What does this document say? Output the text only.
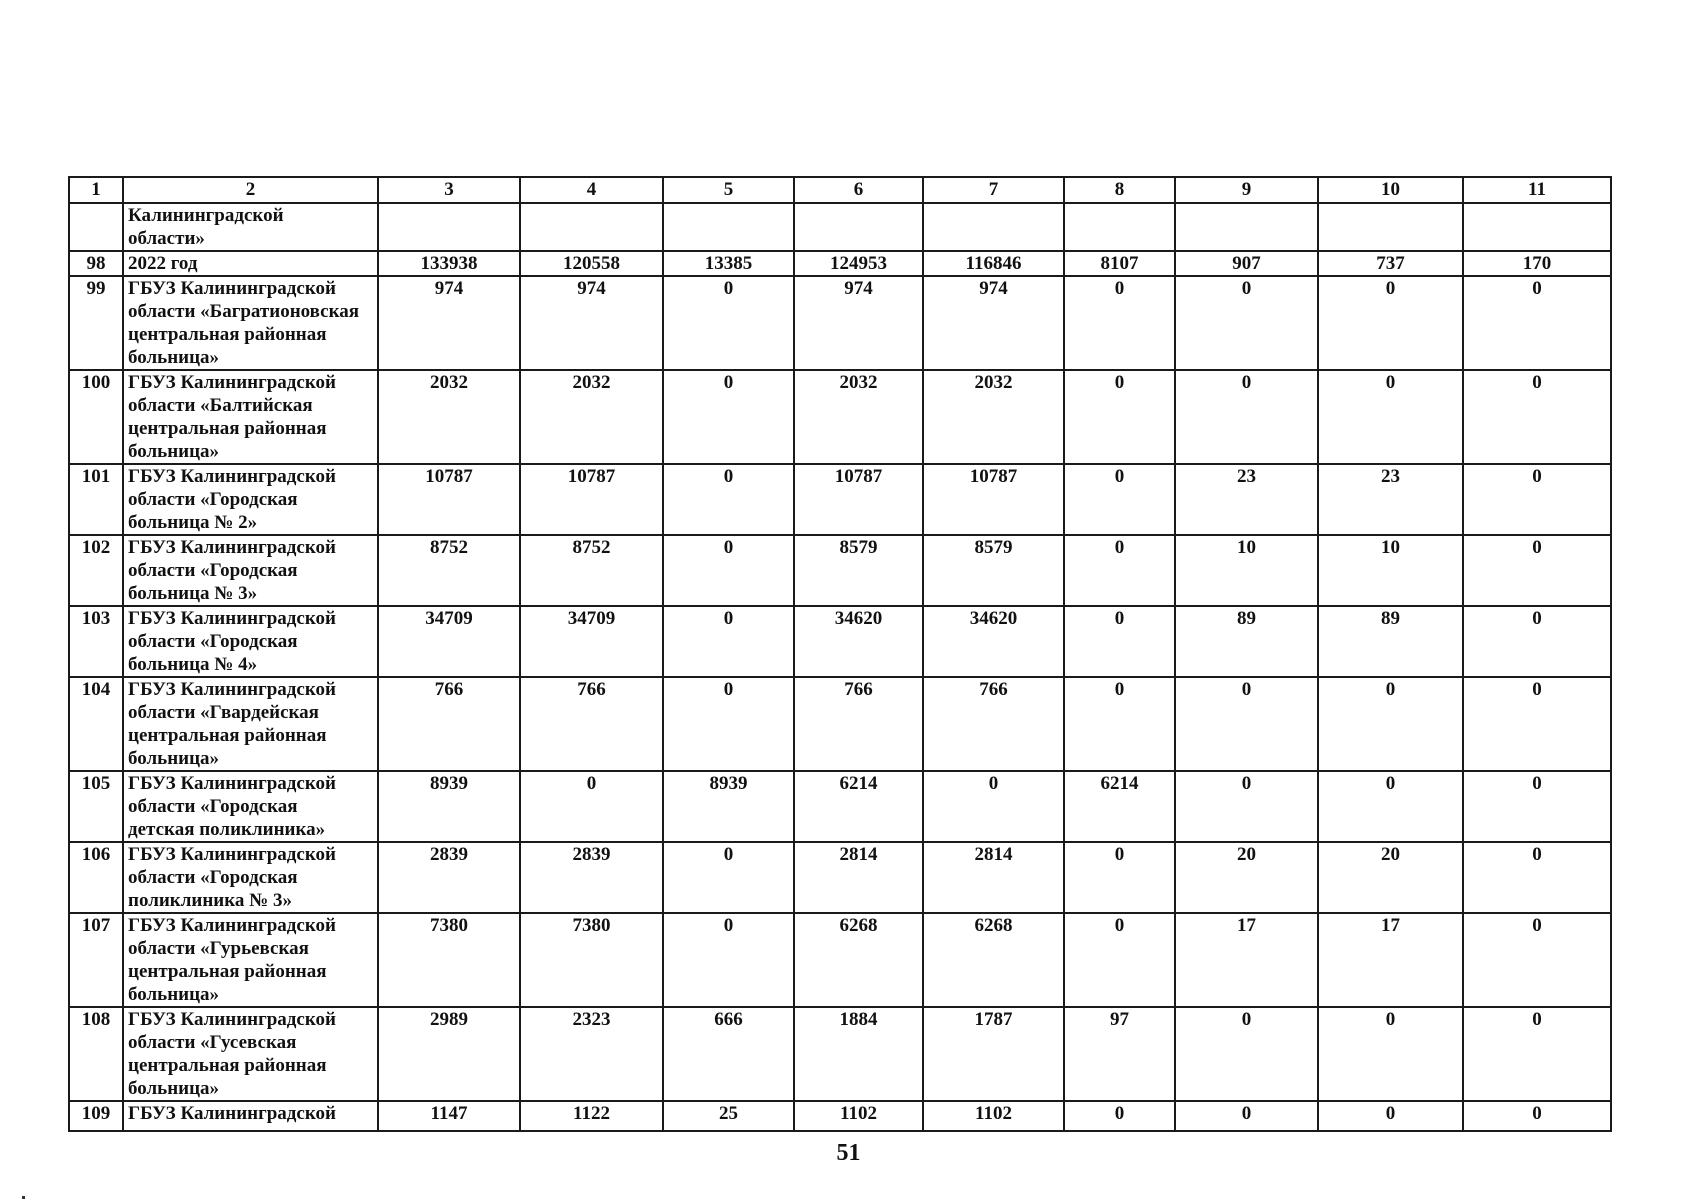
1	2	3	4	5	6	7	8	9	10	11
	Калининградской
области»									
98	2022 год	133938	120558	13385	124953	116846	8107	907	737	170
99	ГБУЗ Калининградской
области «Багратионовская
центральная районная
больница»	974	974	0	974	974	0	0	0	0
100	ГБУЗ Калининградской
области «Балтийская
центральная районная
больница»	2032	2032	0	2032	2032	0	0	0	0
101	ГБУЗ Калининградской
области «Городская
больница № 2»	10787	10787	0	10787	10787	0	23	23	0
102	ГБУЗ Калининградской
области «Городская
больница № 3»	8752	8752	0	8579	8579	0	10	10	0
103	ГБУЗ Калининградской
области «Городская
больница № 4»	34709	34709	0	34620	34620	0	89	89	0
104	ГБУЗ Калининградской
области «Гвардейская
центральная районная
больница»	766	766	0	766	766	0	0	0	0
105	ГБУЗ Калининградской
области «Городская
детская поликлиника»	8939	0	8939	6214	0	6214	0	0	0
106	ГБУЗ Калининградской
области «Городская
поликлиника № 3»	2839	2839	0	2814	2814	0	20	20	0
107	ГБУЗ Калининградской
области «Гурьевская
центральная районная
больница»	7380	7380	0	6268	6268	0	17	17	0
108	ГБУЗ Калининградской
области «Гусевская
центральная районная
больница»	2989	2323	666	1884	1787	97	0	0	0
109	ГБУЗ Калининградской	1147	1122	25	1102	1102	0	0	0	0
51
